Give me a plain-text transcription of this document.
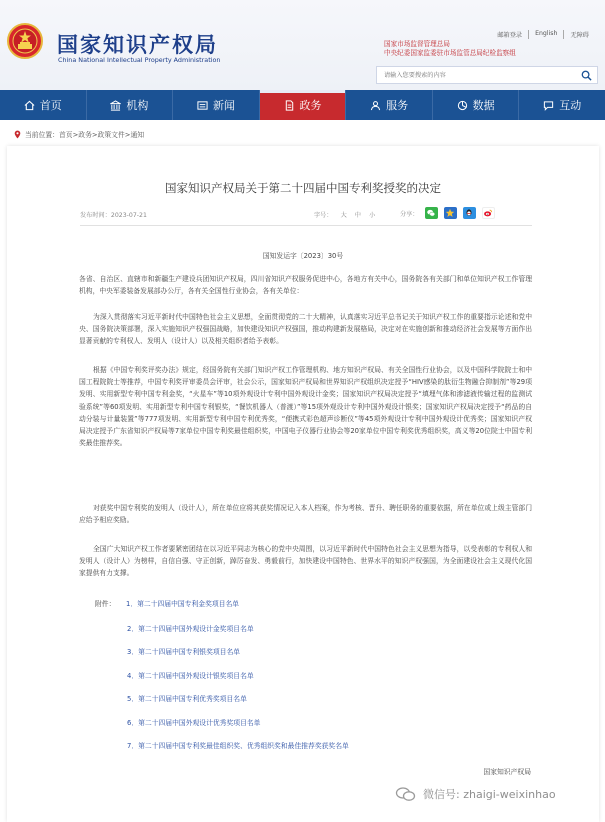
国家知识产权局
China National Intellectual Property Administration
邮箱登录	English	无障碍
国家市场监督管理总局
中央纪委国家监委驻市场监管总局纪检监察组
请输入您要搜索的内容
首页	机构	新闻	政务	服务	数据	互动
当前位置：首页>政务>政策文件>通知
国家知识产权局关于第二十四届中国专利奖授奖的决定
发布时间：2023-07-21	字号： 大 中 小	分享：
国知发运字〔2023〕30号

各省、自治区、直辖市和新疆生产建设兵团知识产权局，四川省知识产权服务促进中心，各地方有关中心，国务院各有关部门和单位知识产权工作管理机构，中央军委装备发展部办公厅，各有关全国性行业协会，各有关单位：

为深入贯彻落实习近平新时代中国特色社会主义思想，全面贯彻党的二十大精神，认真落实习近平总书记关于知识产权工作的重要指示论述和党中央、国务院决策部署，深入实施知识产权强国战略，加快建设知识产权强国，推动构建新发展格局，决定对在实施创新和推动经济社会发展等方面作出显著贡献的专利权人、发明人（设计人）以及相关组织者给予表彰。

根据《中国专利奖评奖办法》规定，经国务院有关部门知识产权工作管理机构、地方知识产权局、有关全国性行业协会，以及中国科学院院士和中国工程院院士等推荐，中国专利奖评审委员会评审，社会公示，国家知识产权局和世界知识产权组织决定授予“HIV感染的肽衍生物融合抑制剂”等29项发明、实用新型专利中国专利金奖，“火星车”等10项外观设计专利中国外观设计金奖；国家知识产权局决定授予“填埋气体和渗滤液传输过程的监测试验系统”等60项发明、实用新型专利中国专利银奖，“餐饮机器人（普渡）”等15项外观设计专利中国外观设计银奖；国家知识产权局决定授予“药品的自动分装与计量装置”等777项发明、实用新型专利中国专利优秀奖，“便携式彩色超声诊断仪”等45项外观设计专利中国外观设计优秀奖；国家知识产权局决定授予广东省知识产权局等7家单位中国专利奖最佳组织奖，中国电子仪器行业协会等20家单位中国专利奖优秀组织奖，高义等20位院士中国专利奖最佳推荐奖。

对获奖中国专利奖的发明人（设计人），所在单位应将其获奖情况记入本人档案，作为考核、晋升、聘任职务的重要依据，所在单位或上级主管部门应给予相应奖励。

全国广大知识产权工作者要紧密团结在以习近平同志为核心的党中央周围，以习近平新时代中国特色社会主义思想为指导，以受表彰的专利权人和发明人（设计人）为榜样，自信自强、守正创新，踔厉奋发、勇毅前行，加快建设中国特色、世界水平的知识产权强国，为全面建设社会主义现代化国家提供有力支撑。

附件： 1．第二十四届中国专利金奖项目名单
2．第二十四届中国外观设计金奖项目名单
3．第二十四届中国专利银奖项目名单
4．第二十四届中国外观设计银奖项目名单
5．第二十四届中国专利优秀奖项目名单
6．第二十四届中国外观设计优秀奖项目名单
7．第二十四届中国专利奖最佳组织奖、优秀组织奖和最佳推荐奖获奖名单
国家知识产权局
微信号: zhaigi-weixinhao
